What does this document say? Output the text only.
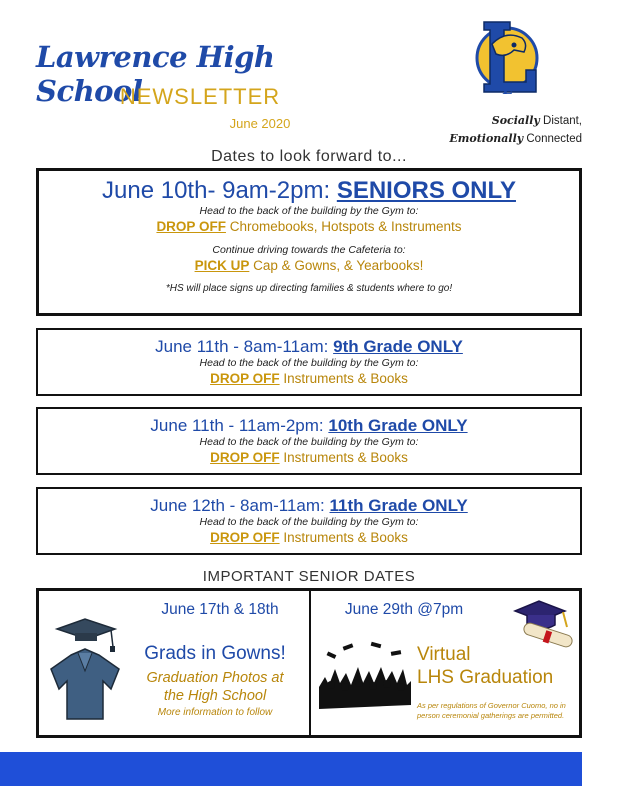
Lawrence High School
NEWSLETTER
June 2020
L
Socially Distant,
Emotionally Connected
Dates to look forward to...
June 10th- 9am-2pm: SENIORS ONLY
Head to the back of the building by the Gym to:
DROP OFF Chromebooks, Hotspots & Instruments
Continue driving towards the Cafeteria to:
PICK UP Cap & Gowns, & Yearbooks!
*HS will place signs up directing families & students where to go!
June 11th - 8am-11am: 9th Grade ONLY
Head to the back of the building by the Gym to:
DROP OFF Instruments & Books
June 11th - 11am-2pm: 10th Grade ONLY
Head to the back of the building by the Gym to:
DROP OFF Instruments & Books
June 12th - 8am-11am: 11th Grade ONLY
Head to the back of the building by the Gym to:
DROP OFF Instruments & Books
IMPORTANT SENIOR DATES
June 17th & 18th
Grads in Gowns!
Graduation Photos at
the High School
More information to follow
June 29th @7pm
Virtual
LHS Graduation
As per regulations of Governor Cuomo, no in person ceremonial gatherings are permitted.
